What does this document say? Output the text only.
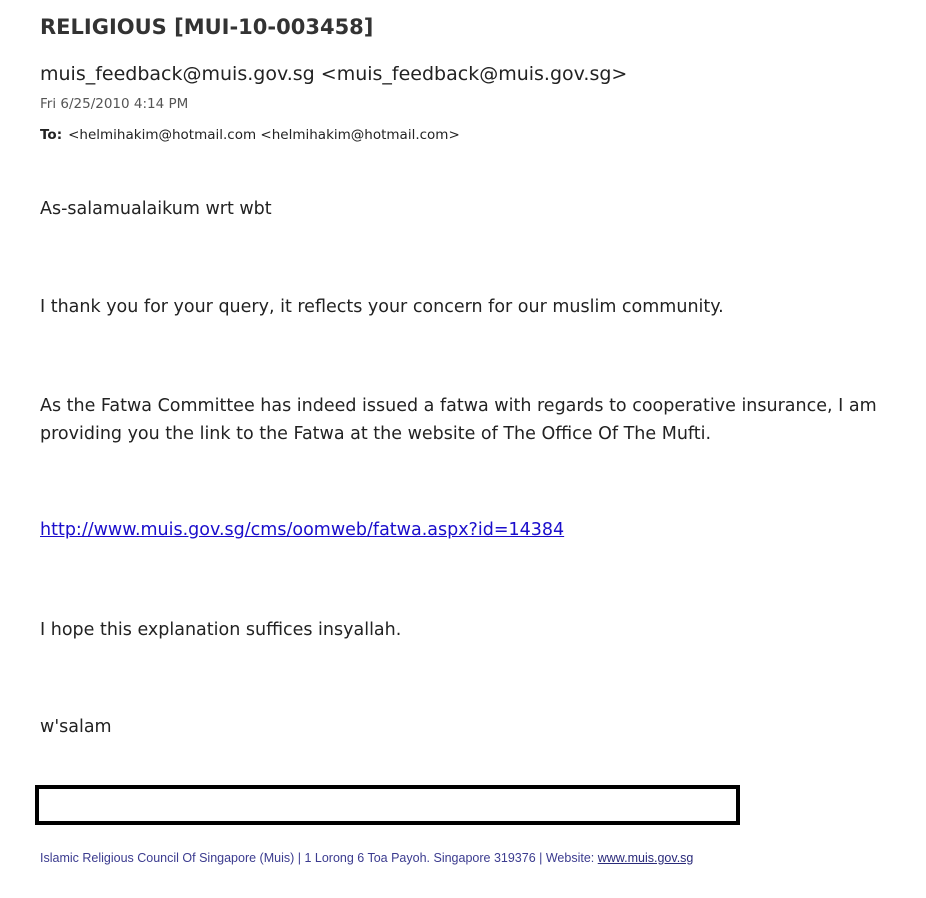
RELIGIOUS [MUI-10-003458]
muis_feedback@muis.gov.sg <muis_feedback@muis.gov.sg>
Fri 6/25/2010 4:14 PM
To: <helmihakim@hotmail.com <helmihakim@hotmail.com>
As-salamualaikum wrt wbt
I thank you for your query, it reflects your concern for our muslim community.
As the Fatwa Committee has indeed issued a fatwa with regards to cooperative insurance, I am providing you the link to the Fatwa at the website of The Office Of The Mufti.
http://www.muis.gov.sg/cms/oomweb/fatwa.aspx?id=14384
I hope this explanation suffices insyallah.
w'salam
Islamic Religious Council Of Singapore (Muis) | 1 Lorong 6 Toa Payoh. Singapore 319376 | Website: www.muis.gov.sg
